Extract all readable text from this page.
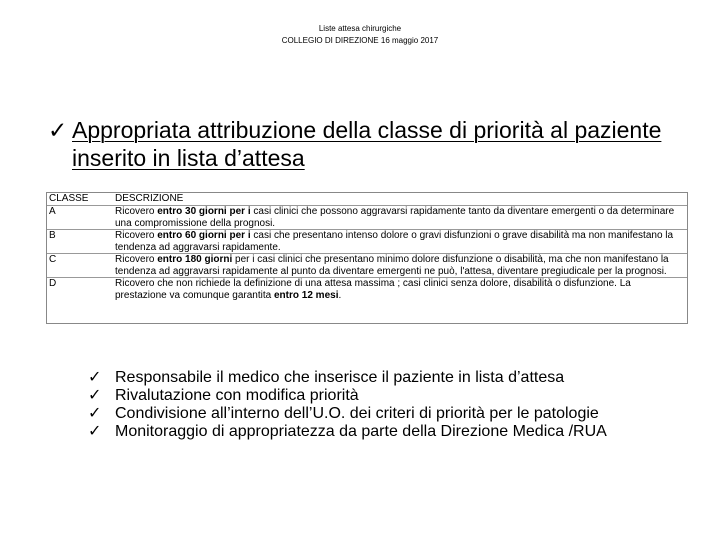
Liste attesa chirurgiche
COLLEGIO DI DIREZIONE 16 maggio 2017
✓ Appropriata attribuzione della classe di priorità al paziente inserito in lista d’attesa
CLASSE	DESCRIZIONE
A	Ricovero entro 30 giorni per i casi clinici che possono aggravarsi rapidamente tanto da diventare emergenti o da determinare una compromissione della prognosi.
B	Ricovero entro 60 giorni per i casi che presentano intenso dolore o gravi disfunzioni o grave disabilità ma non manifestano la tendenza ad aggravarsi rapidamente.
C	Ricovero entro 180 giorni per i casi clinici che presentano minimo dolore disfunzione o disabilità, ma che non manifestano la tendenza ad aggravarsi rapidamente al punto da diventare emergenti ne può, l'attesa, diventare pregiudicale per la prognosi.
D	Ricovero che non richiede la definizione di una attesa massima ; casi clinici senza dolore, disabilità o disfunzione. La prestazione va comunque garantita entro 12 mesi.
✓ Responsabile il medico che inserisce il paziente in lista d’attesa
✓ Rivalutazione con modifica priorità
✓ Condivisione all’interno dell’U.O. dei criteri di priorità per le patologie
✓ Monitoraggio di appropriatezza da parte della Direzione Medica /RUA
